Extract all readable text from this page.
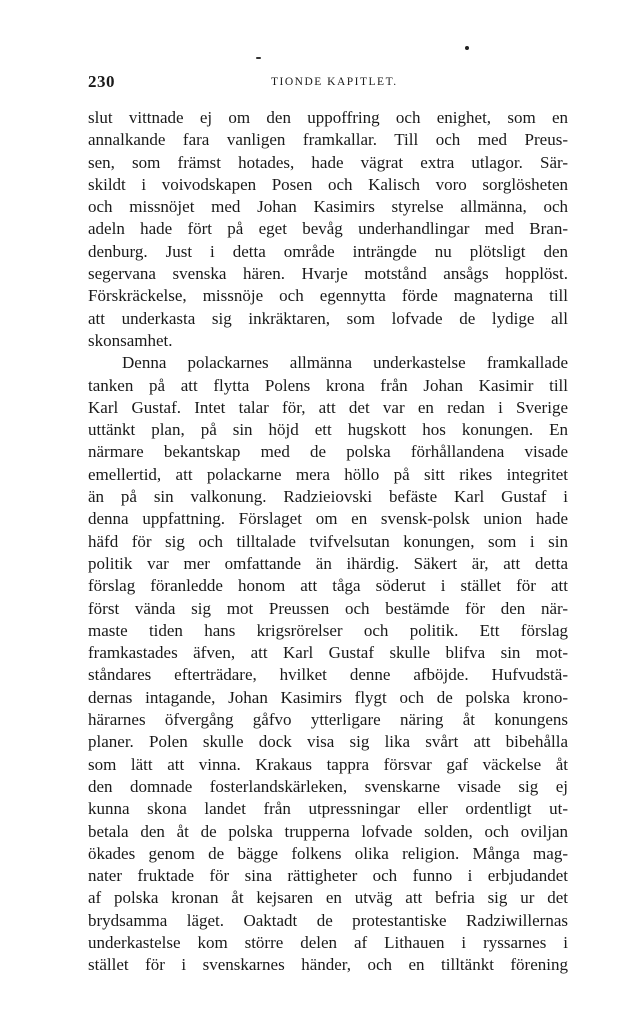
230	TIONDE KAPITLET.
slut vittnade ej om den uppoffring och enighet, som en
annalkande fara vanligen framkallar. Till och med Preus-
sen, som främst hotades, hade vägrat extra utlagor. Sär-
skildt i voivodskapen Posen och Kalisch voro sorglösheten
och missnöjet med Johan Kasimirs styrelse allmänna, och
adeln hade fört på eget bevåg underhandlingar med Bran-
denburg. Just i detta område inträngde nu plötsligt den
segervana svenska hären. Hvarje motstånd ansågs hopplöst.
Förskräckelse, missnöje och egennytta förde magnaterna till
att underkasta sig inkräktaren, som lofvade de lydige all
skonsamhet.
Denna polackarnes allmänna underkastelse framkallade
tanken på att flytta Polens krona från Johan Kasimir till
Karl Gustaf. Intet talar för, att det var en redan i Sverige
uttänkt plan, på sin höjd ett hugskott hos konungen. En
närmare bekantskap med de polska förhållandena visade
emellertid, att polackarne mera höllo på sitt rikes integritet
än på sin valkonung. Radzieiovski befäste Karl Gustaf i
denna uppfattning. Förslaget om en svensk-polsk union hade
häfd för sig och tilltalade tvifvelsutan konungen, som i sin
politik var mer omfattande än ihärdig. Säkert är, att detta
förslag föranledde honom att tåga söderut i stället för att
först vända sig mot Preussen och bestämde för den när-
maste tiden hans krigsrörelser och politik. Ett förslag
framkastades äfven, att Karl Gustaf skulle blifva sin mot-
ståndares efterträdare, hvilket denne afböjde. Hufvudstä-
dernas intagande, Johan Kasimirs flygt och de polska krono-
härarnes öfvergång gåfvo ytterligare näring åt konungens
planer. Polen skulle dock visa sig lika svårt att bibehålla
som lätt att vinna. Krakaus tappra försvar gaf väckelse åt
den domnade fosterlandskärleken, svenskarne visade sig ej
kunna skona landet från utpressningar eller ordentligt ut-
betala den åt de polska trupperna lofvade solden, och oviljan
ökades genom de bägge folkens olika religion. Många mag-
nater fruktade för sina rättigheter och funno i erbjudandet
af polska kronan åt kejsaren en utväg att befria sig ur det
brydsamma läget. Oaktadt de protestantiske Radziwillernas
underkastelse kom större delen af Lithauen i ryssarnes i
stället för i svenskarnes händer, och en tilltänkt förening
